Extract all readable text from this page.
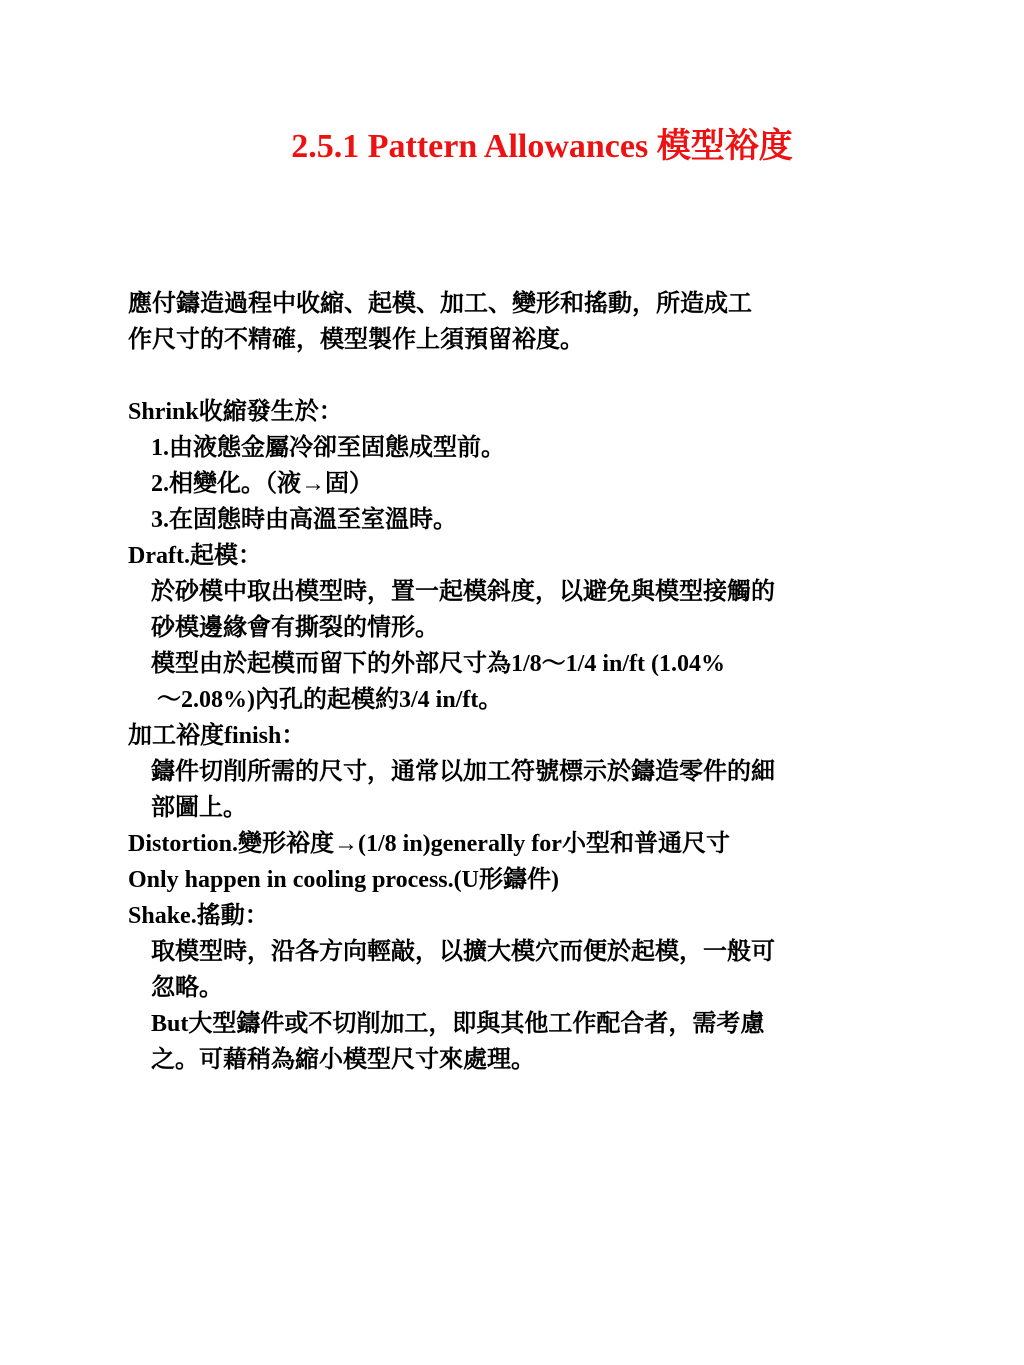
2.5.1 Pattern Allowances 模型裕度
應付鑄造過程中收縮、起模、加工、變形和搖動，所造成工
作尺寸的不精確，模型製作上須預留裕度。
Shrink收縮發生於：
1.由液態金屬冷卻至固態成型前。
2.相變化。（液→固）
3.在固態時由高溫至室溫時。
Draft.起模：
於砂模中取出模型時，置一起模斜度，以避免與模型接觸的
砂模邊緣會有撕裂的情形。
模型由於起模而留下的外部尺寸為1/8～1/4 in/ft (1.04%
～2.08%)內孔的起模約3/4 in/ft。
加工裕度finish：
鑄件切削所需的尺寸，通常以加工符號標示於鑄造零件的細
部圖上。
Distortion.變形裕度→(1/8 in)generally for小型和普通尺寸
Only happen in cooling process.(U形鑄件)
Shake.搖動：
取模型時，沿各方向輕敲，以擴大模穴而便於起模，一般可
忽略。
But大型鑄件或不切削加工，即與其他工作配合者，需考慮
之。可藉稍為縮小模型尺寸來處理。
